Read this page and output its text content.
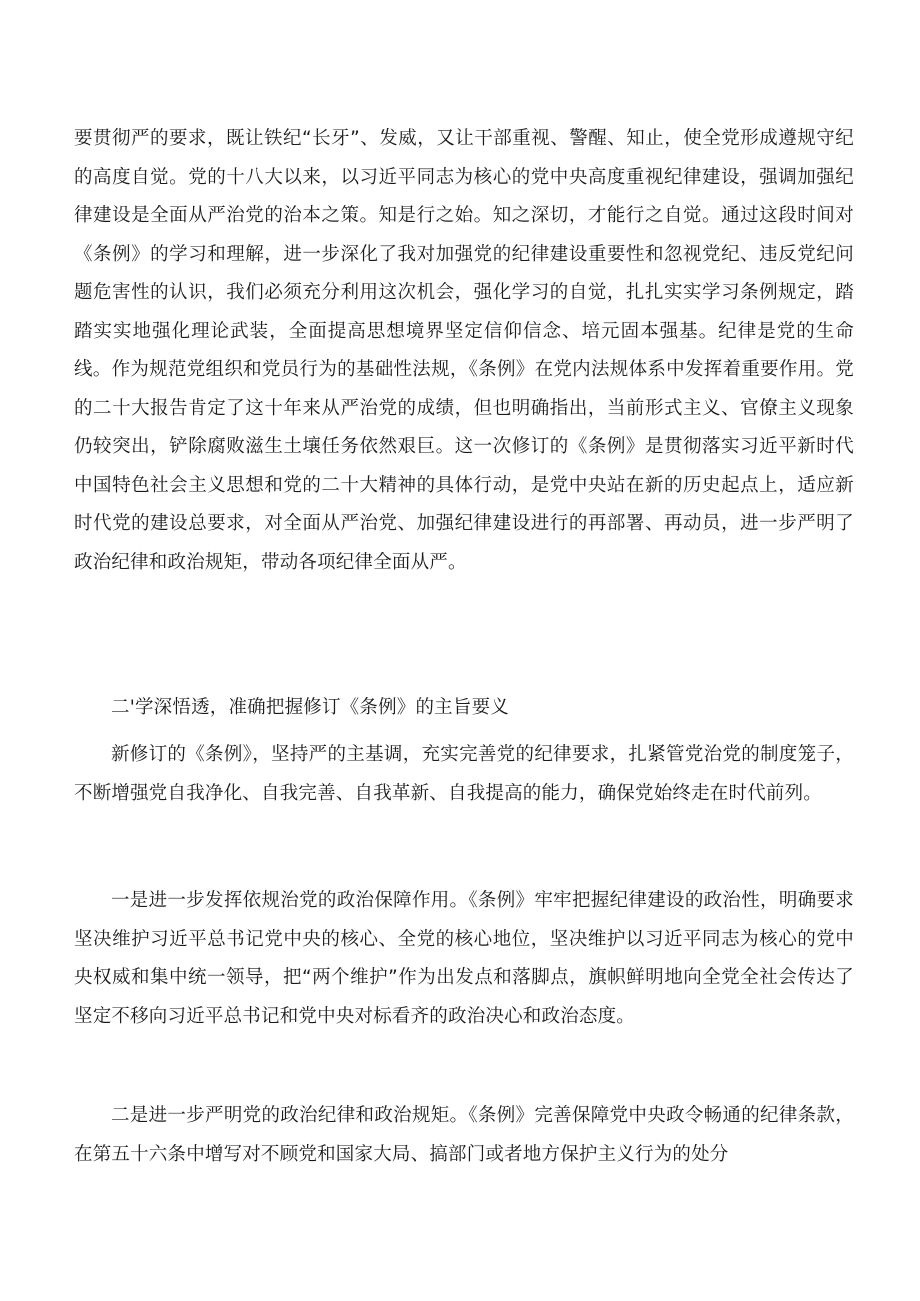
要贯彻严的要求，既让铁纪“长牙”、发威，又让干部重视、警醒、知止，使全党形成遵规守纪的高度自觉。党的十八大以来，以习近平同志为核心的党中央高度重视纪律建设，强调加强纪律建设是全面从严治党的治本之策。知是行之始。知之深切，才能行之自觉。通过这段时间对《条例》的学习和理解，进一步深化了我对加强党的纪律建设重要性和忽视党纪、违反党纪问题危害性的认识，我们必须充分利用这次机会，强化学习的自觉，扎扎实实学习条例规定，踏踏实实地强化理论武装，全面提高思想境界坚定信仰信念、培元固本强基。纪律是党的生命线。作为规范党组织和党员行为的基础性法规，《条例》在党内法规体系中发挥着重要作用。党的二十大报告肯定了这十年来从严治党的成绩，但也明确指出，当前形式主义、官僚主义现象仍较突出，铲除腐败滋生土壤任务依然艰巨。这一次修订的《条例》是贯彻落实习近平新时代中国特色社会主义思想和党的二十大精神的具体行动，是党中央站在新的历史起点上，适应新时代党的建设总要求，对全面从严治党、加强纪律建设进行的再部署、再动员，进一步严明了政治纪律和政治规矩，带动各项纪律全面从严。

二'学深悟透，准确把握修订《条例》的主旨要义

新修订的《条例》，坚持严的主基调，充实完善党的纪律要求，扎紧管党治党的制度笼子，不断增强党自我净化、自我完善、自我革新、自我提高的能力，确保党始终走在时代前列。

一是进一步发挥依规治党的政治保障作用。《条例》牢牢把握纪律建设的政治性，明确要求坚决维护习近平总书记党中央的核心、全党的核心地位，坚决维护以习近平同志为核心的党中央权威和集中统一领导，把“两个维护”作为出发点和落脚点，旗帜鲜明地向全党全社会传达了坚定不移向习近平总书记和党中央对标看齐的政治决心和政治态度。

二是进一步严明党的政治纪律和政治规矩。《条例》完善保障党中央政令畅通的纪律条款，在第五十六条中增写对不顾党和国家大局、搞部门或者地方保护主义行为的处分
